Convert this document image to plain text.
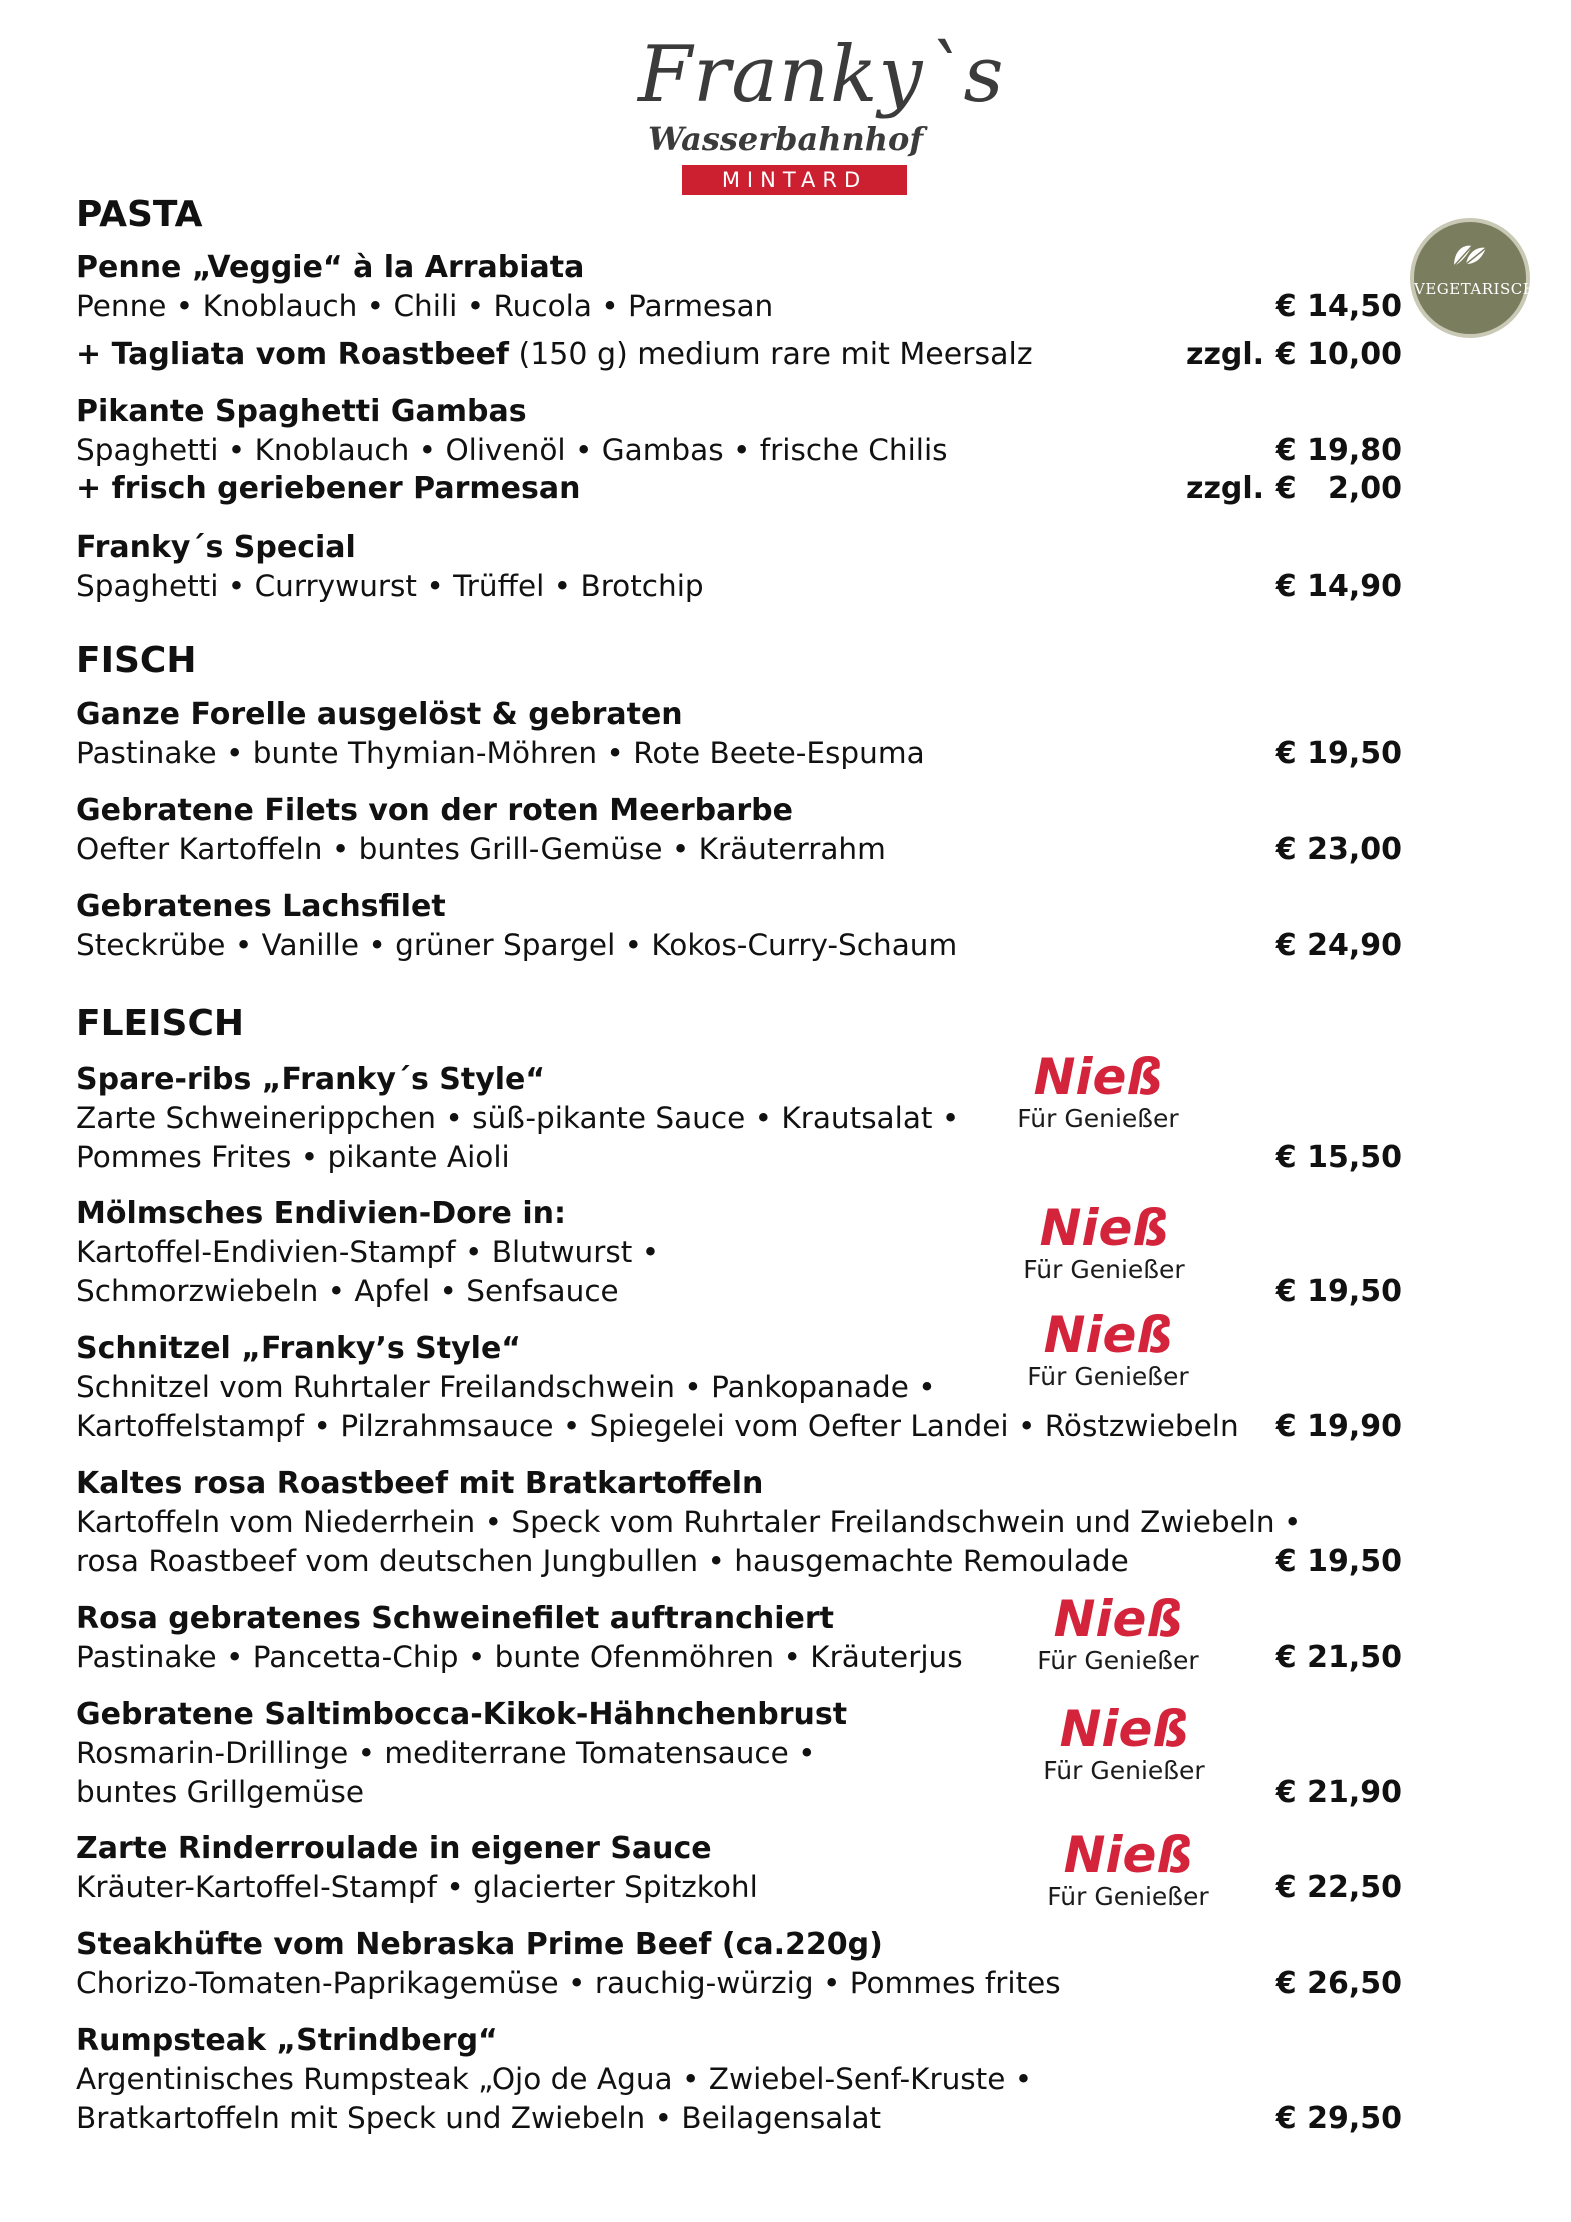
Franky`s
Wasserbahnhof
MINTARD
VEGETARISCH
PASTA
Penne „Veggie“ à la Arrabiata
Penne • Knoblauch • Chili • Rucola • Parmesan	€ 14,50
+ Tagliata vom Roastbeef (150 g) medium rare mit Meersalz	zzgl. € 10,00
Pikante Spaghetti Gambas
Spaghetti • Knoblauch • Olivenöl • Gambas • frische Chilis	€ 19,80
+ frisch geriebener Parmesan	zzgl. €   2,00
Franky´s Special
Spaghetti • Currywurst • Trüffel • Brotchip	€ 14,90
FISCH
Ganze Forelle ausgelöst & gebraten
Pastinake • bunte Thymian-Möhren • Rote Beete-Espuma	€ 19,50
Gebratene Filets von der roten Meerbarbe
Oefter Kartoffeln • buntes Grill-Gemüse • Kräuterrahm	€ 23,00
Gebratenes Lachsfilet
Steckrübe • Vanille • grüner Spargel • Kokos-Curry-Schaum	€ 24,90
FLEISCH
Spare-ribs „Franky´s Style“
Zarte Schweinerippchen • süß-pikante Sauce • Krautsalat •
Pommes Frites • pikante Aioli	€ 15,50
Nieß
Für Genießer
Mölmsches Endivien-Dore in:
Kartoffel-Endivien-Stampf • Blutwurst •
Schmorzwiebeln • Apfel • Senfsauce	€ 19,50
Nieß
Für Genießer
Schnitzel „Franky’s Style“
Schnitzel vom Ruhrtaler Freilandschwein • Pankopanade •
Kartoffelstampf • Pilzrahmsauce • Spiegelei vom Oefter Landei • Röstzwiebeln € 19,90
Nieß
Für Genießer
Kaltes rosa Roastbeef mit Bratkartoffeln
Kartoffeln vom Niederrhein • Speck vom Ruhrtaler Freilandschwein und Zwiebeln •
rosa Roastbeef vom deutschen Jungbullen • hausgemachte Remoulade	€ 19,50
Rosa gebratenes Schweinefilet auftranchiert
Pastinake • Pancetta-Chip • bunte Ofenmöhren • Kräuterjus	€ 21,50
Nieß
Für Genießer
Gebratene Saltimbocca-Kikok-Hähnchenbrust
Rosmarin-Drillinge • mediterrane Tomatensauce •
buntes Grillgemüse	€ 21,90
Nieß
Für Genießer
Zarte Rinderroulade in eigener Sauce
Kräuter-Kartoffel-Stampf • glacierter Spitzkohl	€ 22,50
Nieß
Für Genießer
Steakhüfte vom Nebraska Prime Beef (ca.220g)
Chorizo-Tomaten-Paprikagemüse • rauchig-würzig • Pommes frites	€ 26,50
Rumpsteak „Strindberg“
Argentinisches Rumpsteak „Ojo de Agua • Zwiebel-Senf-Kruste •
Bratkartoffeln mit Speck und Zwiebeln • Beilagensalat	€ 29,50
